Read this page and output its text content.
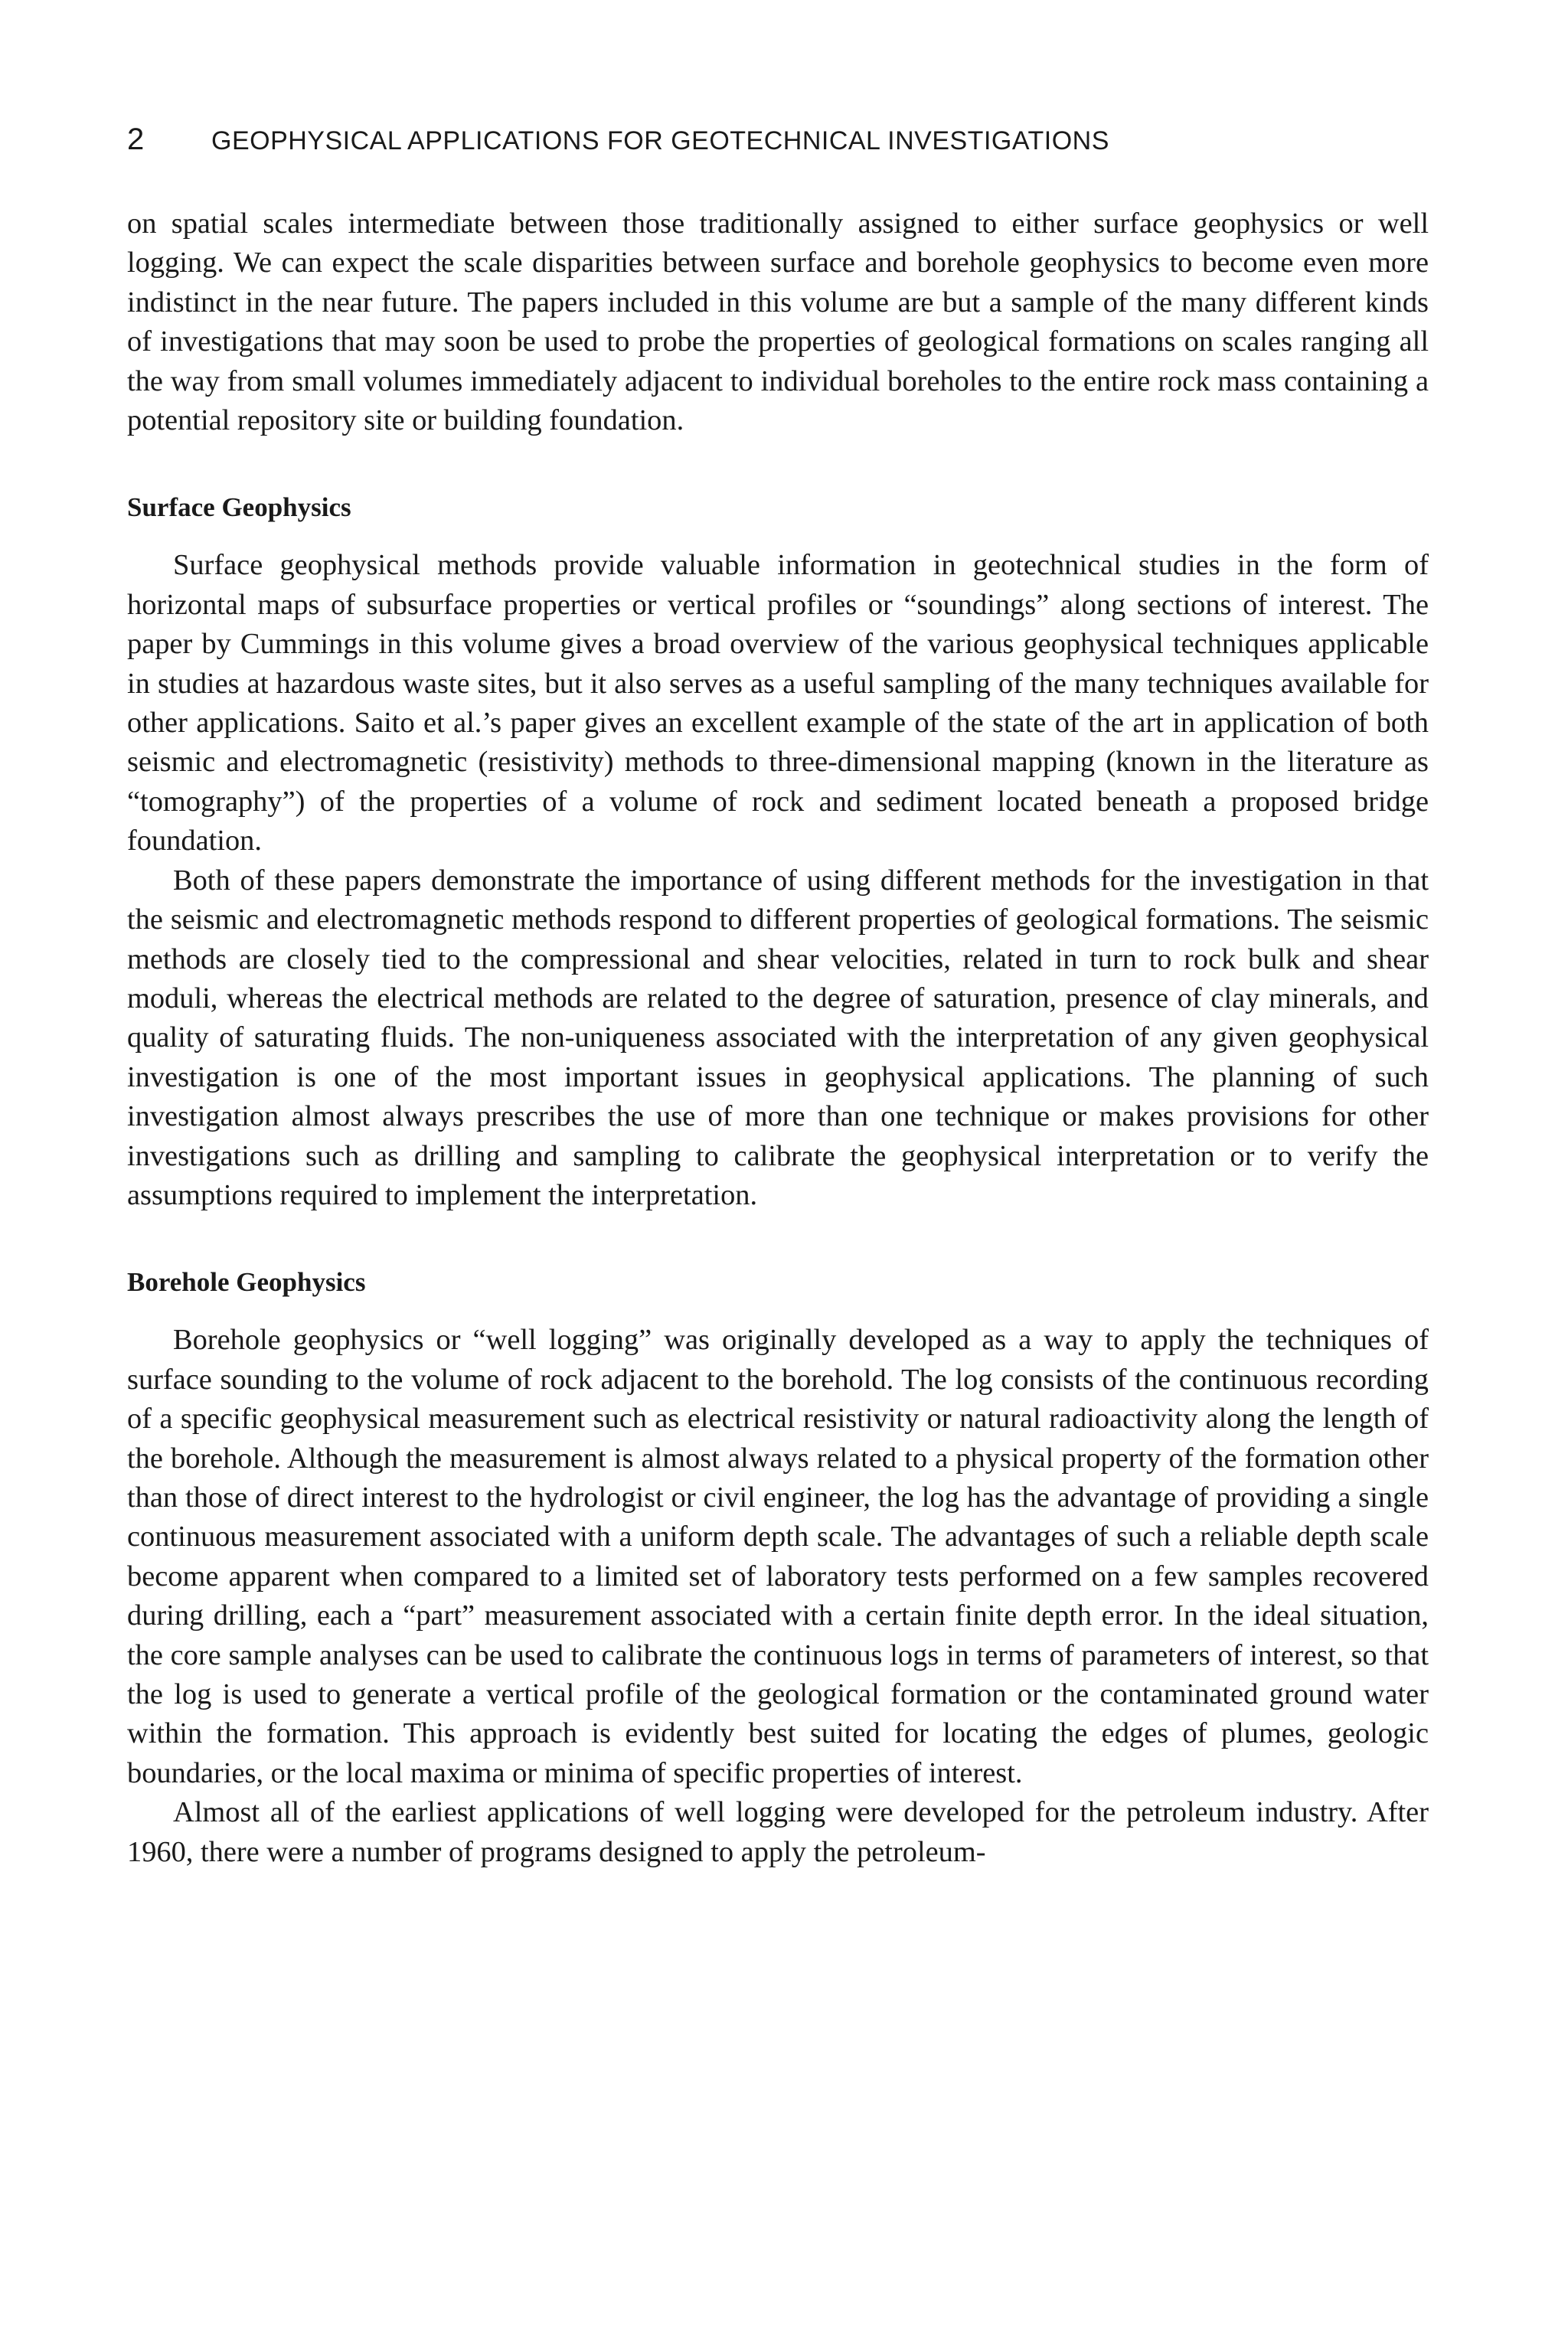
2	GEOPHYSICAL APPLICATIONS FOR GEOTECHNICAL INVESTIGATIONS

on spatial scales intermediate between those traditionally assigned to either surface geophysics or well logging. We can expect the scale disparities between surface and borehole geophysics to become even more indistinct in the near future. The papers included in this volume are but a sample of the many different kinds of investigations that may soon be used to probe the properties of geological formations on scales ranging all the way from small volumes immediately adjacent to individual boreholes to the entire rock mass containing a potential repository site or building foundation.

Surface Geophysics

Surface geophysical methods provide valuable information in geotechnical studies in the form of horizontal maps of subsurface properties or vertical profiles or “soundings” along sections of interest. The paper by Cummings in this volume gives a broad overview of the various geophysical techniques applicable in studies at hazardous waste sites, but it also serves as a useful sampling of the many techniques available for other applications. Saito et al.’s paper gives an excellent example of the state of the art in application of both seismic and electromagnetic (resistivity) methods to three-dimensional mapping (known in the literature as “tomography”) of the properties of a volume of rock and sediment located beneath a proposed bridge foundation.

Both of these papers demonstrate the importance of using different methods for the investigation in that the seismic and electromagnetic methods respond to different properties of geological formations. The seismic methods are closely tied to the compressional and shear velocities, related in turn to rock bulk and shear moduli, whereas the electrical methods are related to the degree of saturation, presence of clay minerals, and quality of saturating fluids. The non-uniqueness associated with the interpretation of any given geophysical investigation is one of the most important issues in geophysical applications. The planning of such investigation almost always prescribes the use of more than one technique or makes provisions for other investigations such as drilling and sampling to calibrate the geophysical interpretation or to verify the assumptions required to implement the interpretation.

Borehole Geophysics

Borehole geophysics or “well logging” was originally developed as a way to apply the techniques of surface sounding to the volume of rock adjacent to the borehold. The log consists of the continuous recording of a specific geophysical measurement such as electrical resistivity or natural radioactivity along the length of the borehole. Although the measurement is almost always related to a physical property of the formation other than those of direct interest to the hydrologist or civil engineer, the log has the advantage of providing a single continuous measurement associated with a uniform depth scale. The advantages of such a reliable depth scale become apparent when compared to a limited set of laboratory tests performed on a few samples recovered during drilling, each a “part” measurement associated with a certain finite depth error. In the ideal situation, the core sample analyses can be used to calibrate the continuous logs in terms of parameters of interest, so that the log is used to generate a vertical profile of the geological formation or the contaminated ground water within the formation. This approach is evidently best suited for locating the edges of plumes, geologic boundaries, or the local maxima or minima of specific properties of interest.

Almost all of the earliest applications of well logging were developed for the petroleum industry. After 1960, there were a number of programs designed to apply the petroleum-
